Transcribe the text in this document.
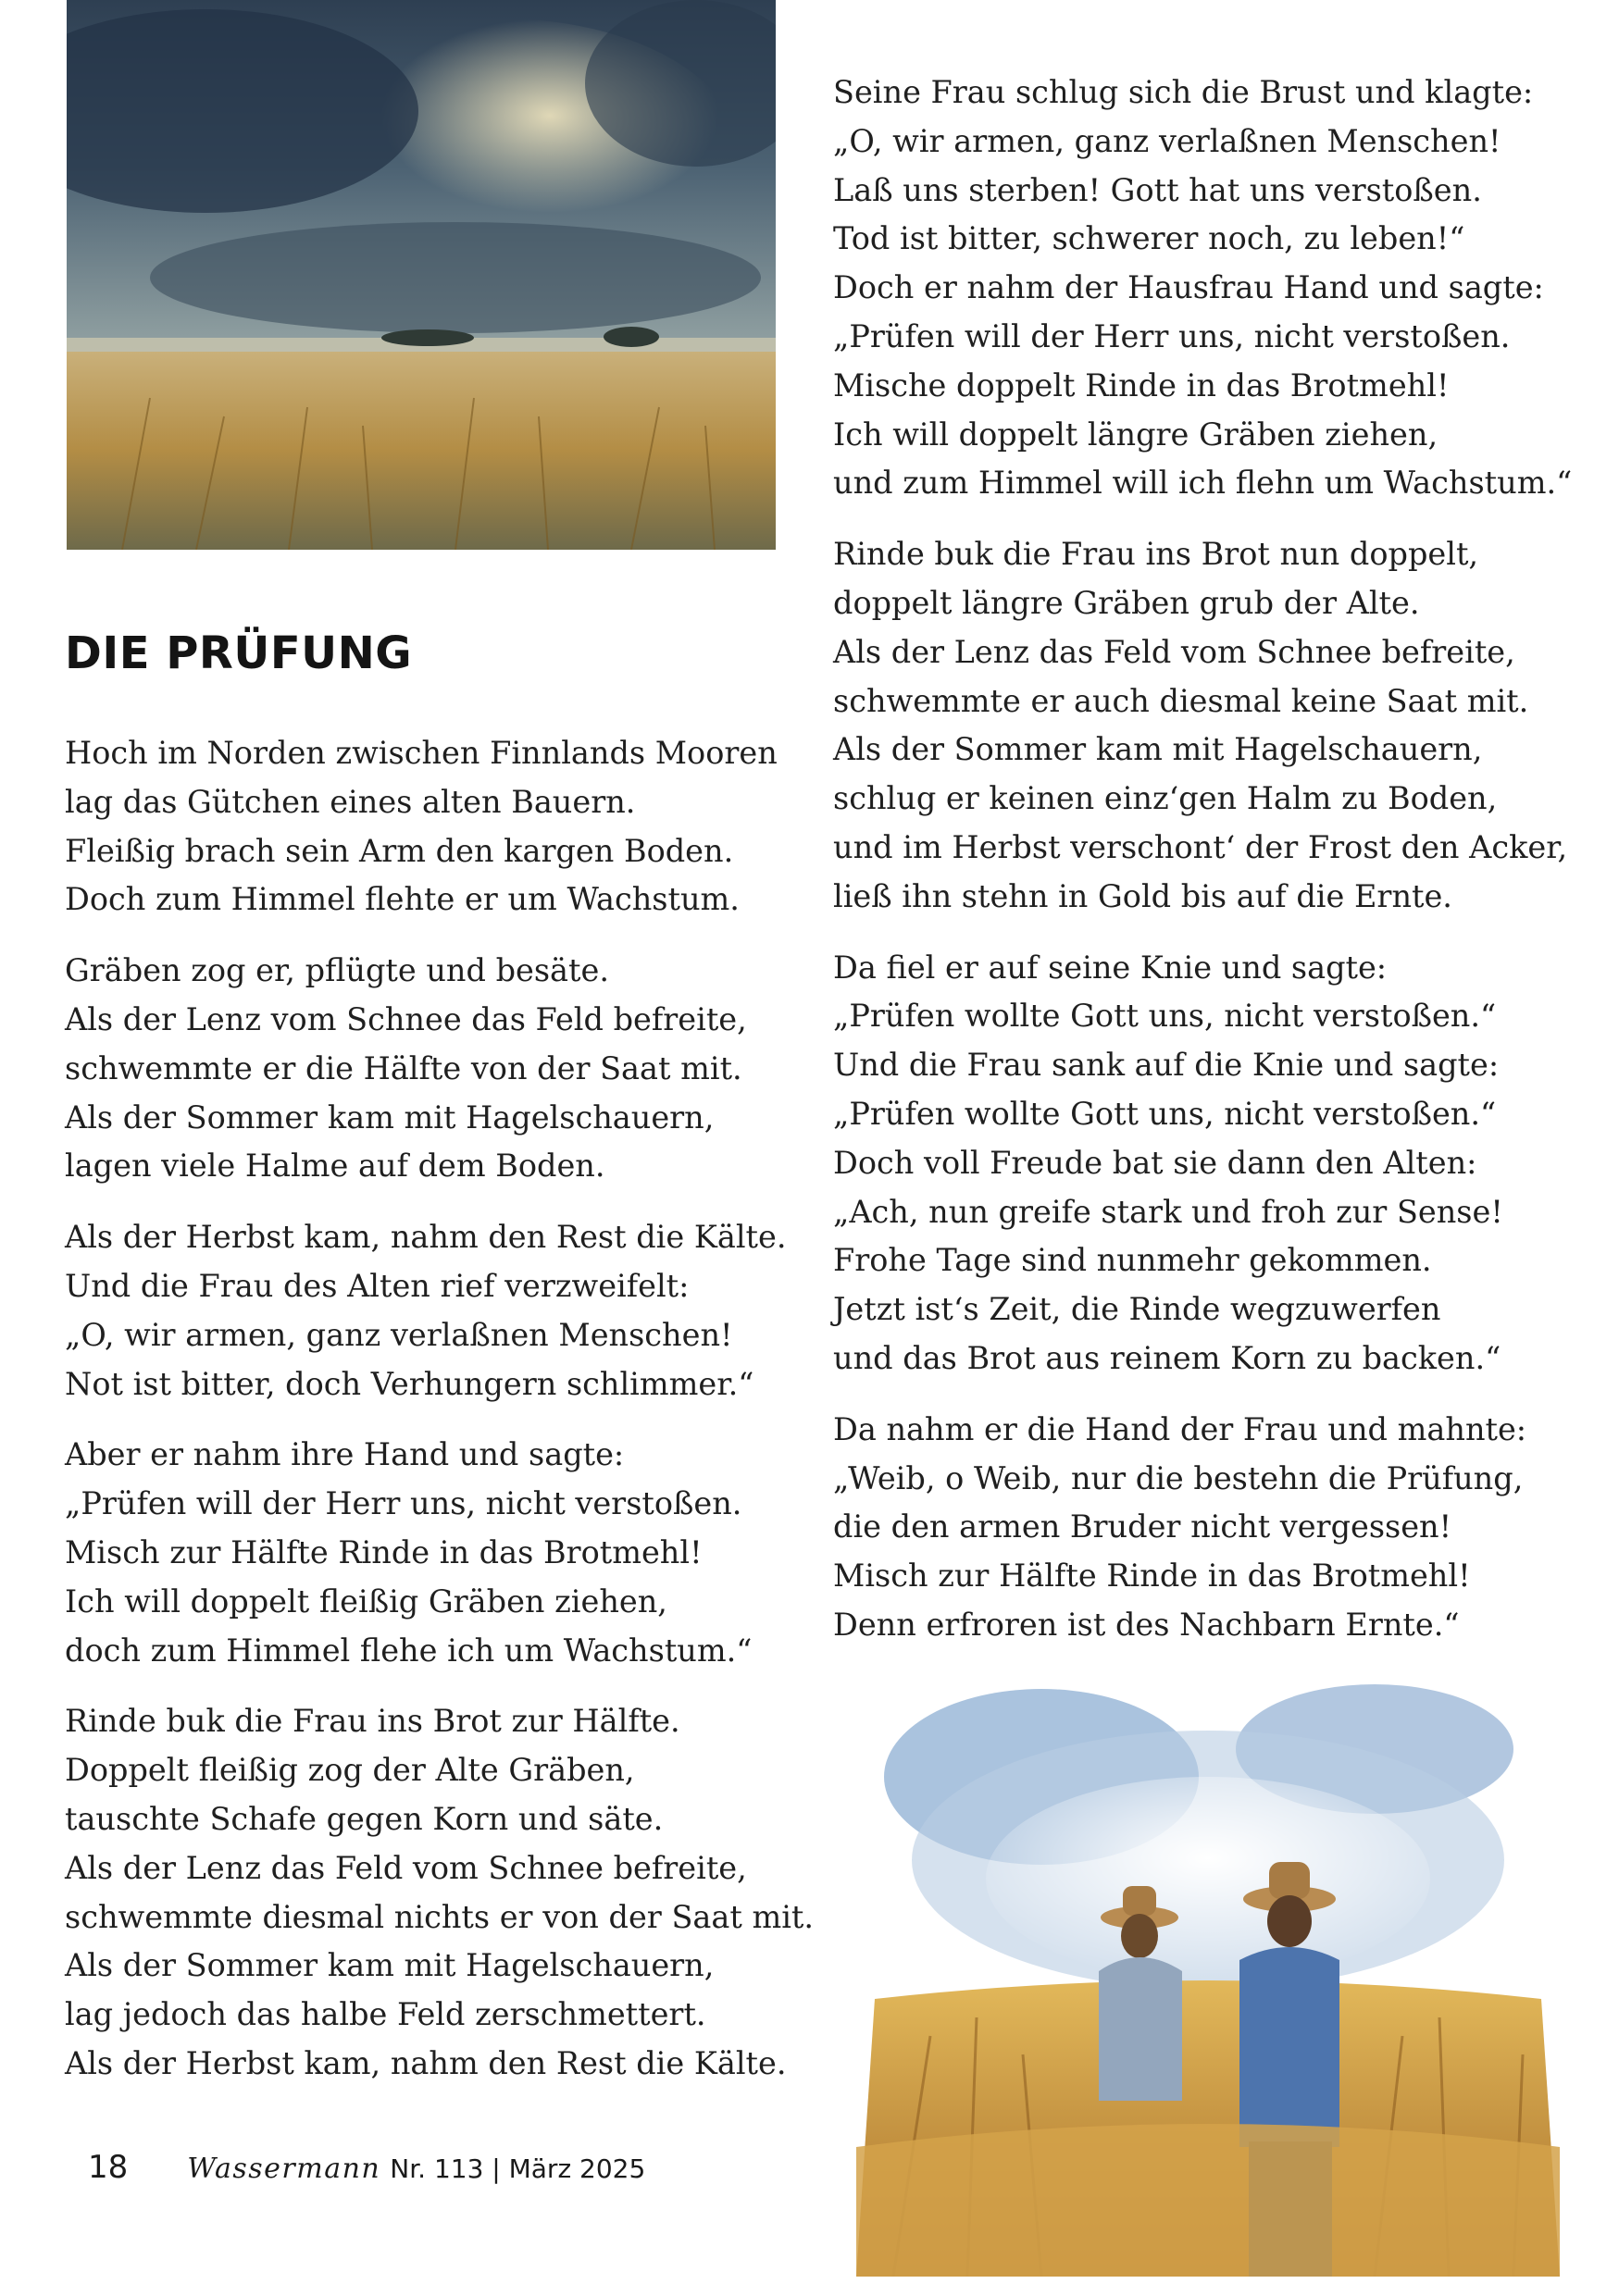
DIE PRÜFUNG
Hoch im Norden zwischen Finnlands Mooren
lag das Gütchen eines alten Bauern.
Fleißig brach sein Arm den kargen Boden.
Doch zum Himmel flehte er um Wachstum.
Gräben zog er, pflügte und besäte.
Als der Lenz vom Schnee das Feld befreite,
schwemmte er die Hälfte von der Saat mit.
Als der Sommer kam mit Hagelschauern,
lagen viele Halme auf dem Boden.
Als der Herbst kam, nahm den Rest die Kälte.
Und die Frau des Alten rief verzweifelt:
„O, wir armen, ganz verlaßnen Menschen!
Not ist bitter, doch Verhungern schlimmer.“
Aber er nahm ihre Hand und sagte:
„Prüfen will der Herr uns, nicht verstoßen.
Misch zur Hälfte Rinde in das Brotmehl!
Ich will doppelt fleißig Gräben ziehen,
doch zum Himmel flehe ich um Wachstum.“
Rinde buk die Frau ins Brot zur Hälfte.
Doppelt fleißig zog der Alte Gräben,
tauschte Schafe gegen Korn und säte.
Als der Lenz das Feld vom Schnee befreite,
schwemmte diesmal nichts er von der Saat mit.
Als der Sommer kam mit Hagelschauern,
lag jedoch das halbe Feld zerschmettert.
Als der Herbst kam, nahm den Rest die Kälte.
Seine Frau schlug sich die Brust und klagte:
„O, wir armen, ganz verlaßnen Menschen!
Laß uns sterben! Gott hat uns verstoßen.
Tod ist bitter, schwerer noch, zu leben!“
Doch er nahm der Hausfrau Hand und sagte:
„Prüfen will der Herr uns, nicht verstoßen.
Mische doppelt Rinde in das Brotmehl!
Ich will doppelt längre Gräben ziehen,
und zum Himmel will ich flehn um Wachstum.“
Rinde buk die Frau ins Brot nun doppelt,
doppelt längre Gräben grub der Alte.
Als der Lenz das Feld vom Schnee befreite,
schwemmte er auch diesmal keine Saat mit.
Als der Sommer kam mit Hagelschauern,
schlug er keinen einz‘gen Halm zu Boden,
und im Herbst verschont‘ der Frost den Acker,
ließ ihn stehn in Gold bis auf die Ernte.
Da fiel er auf seine Knie und sagte:
„Prüfen wollte Gott uns, nicht verstoßen.“
Und die Frau sank auf die Knie und sagte:
„Prüfen wollte Gott uns, nicht verstoßen.“
Doch voll Freude bat sie dann den Alten:
„Ach, nun greife stark und froh zur Sense!
Frohe Tage sind nunmehr gekommen.
Jetzt ist‘s Zeit, die Rinde wegzuwerfen
und das Brot aus reinem Korn zu backen.“
Da nahm er die Hand der Frau und mahnte:
„Weib, o Weib, nur die bestehn die Prüfung,
die den armen Bruder nicht vergessen!
Misch zur Hälfte Rinde in das Brotmehl!
Denn erfroren ist des Nachbarn Ernte.“
18 Wassermann Nr. 113 | März 2025
